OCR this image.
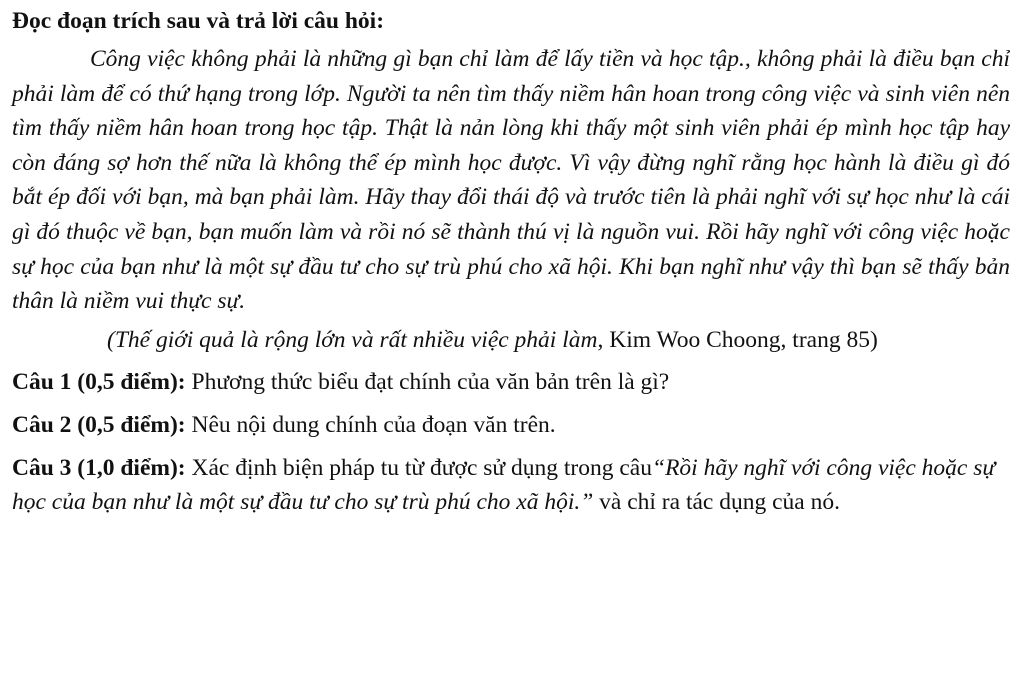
Đọc đoạn trích sau và trả lời câu hỏi:

Công việc không phải là những gì bạn chỉ làm để lấy tiền và học tập., không phải là điều bạn chỉ phải làm để có thứ hạng trong lớp. Người ta nên tìm thấy niềm hân hoan trong công việc và sinh viên nên tìm thấy niềm hân hoan trong học tập. Thật là nản lòng khi thấy một sinh viên phải ép mình học tập hay còn đáng sợ hơn thế nữa là không thể ép mình học được. Vì vậy đừng nghĩ rằng học hành là điều gì đó bắt ép đối với bạn, mà bạn phải làm. Hãy thay đổi thái độ và trước tiên là phải nghĩ với sự học như là cái gì đó thuộc về bạn, bạn muốn làm và rồi nó sẽ thành thú vị là nguồn vui. Rồi hãy nghĩ với công việc hoặc sự học của bạn như là một sự đầu tư cho sự trù phú cho xã hội. Khi bạn nghĩ như vậy thì bạn sẽ thấy bản thân là niềm vui thực sự.

(Thế giới quả là rộng lớn và rất nhiều việc phải làm, Kim Woo Choong, trang 85)

Câu 1 (0,5 điểm): Phương thức biểu đạt chính của văn bản trên là gì?

Câu 2 (0,5 điểm): Nêu nội dung chính của đoạn văn trên.

Câu 3 (1,0 điểm): Xác định biện pháp tu từ được sử dụng trong câu“Rồi hãy nghĩ với công việc hoặc sự học của bạn như là một sự đầu tư cho sự trù phú cho xã hội.” và chỉ ra tác dụng của nó.
